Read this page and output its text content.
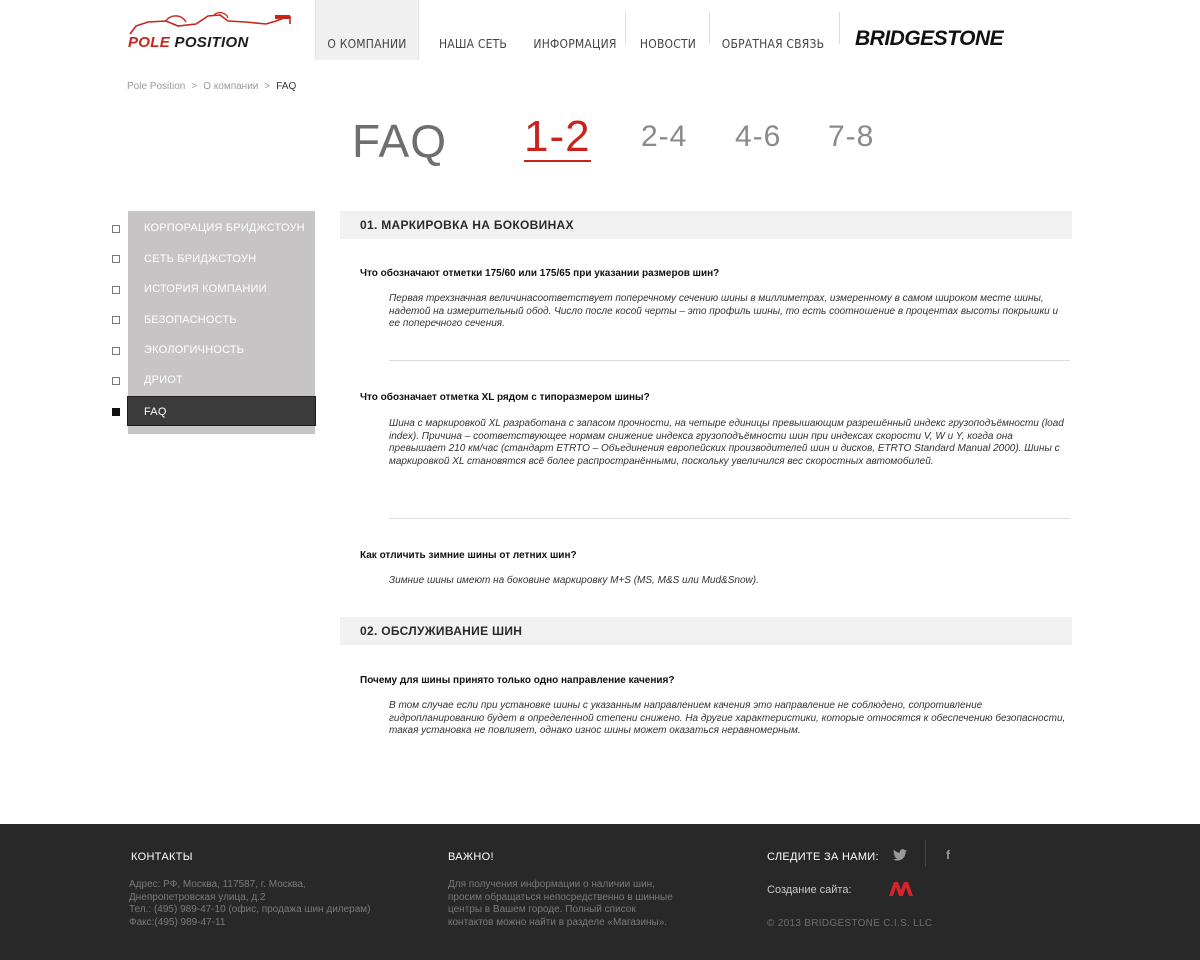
POLE POSITION	О КОМПАНИИ	НАША СЕТЬ	ИНФОРМАЦИЯ	НОВОСТИ	ОБРАТНАЯ СВЯЗЬ BRIDGESTONE
Pole Position > О компании > FAQ
FAQ 1-2 2-4 4-6 7-8
КОРПОРАЦИЯ БРИДЖСТОУН
СЕТЬ БРИДЖСТОУН
ИСТОРИЯ КОМПАНИИ
БЕЗОПАСНОСТЬ
ЭКОЛОГИЧНОСТЬ
ДРИОТ
FAQ
01. МАРКИРОВКА НА БОКОВИНАХ
Что обозначают отметки 175/60 или 175/65 при указании размеров шин?
Первая трехзначная величинасоответствует поперечному сечению шины в миллиметрах, измеренному в самом широком месте шины, надетой на измерительный обод. Число после косой черты – это профиль шины, то есть соотношение в процентах высоты покрышки и ее поперечного сечения.
Что обозначает отметка XL рядом с типоразмером шины?
Шина с маркировкой XL разработана с запасом прочности, на четыре единицы превышающим разрешённый индекс грузоподъёмности (load index). Причина – соответствующее нормам снижение индекса грузоподъёмности шин при индексах скорости V, W и Y, когда она превышает 210 км/час (стандарт ETRTO – Объединения европейских производителей шин и дисков, ETRTO Standard Manual 2000). Шины с маркировкой XL становятся всё более распространёнными, поскольку увеличился вес скоростных автомобилей.
Как отличить зимние шины от летних шин?
Зимние шины имеют на боковине маркировку M+S (MS, M&S или Mud&Snow).
02. ОБСЛУЖИВАНИЕ ШИН
Почему для шины принято только одно направление качения?
В том случае если при установке шины с указанным направлением качения это направление не соблюдено, сопротивление гидропланированию будет в определенной степени снижено. На другие характеристики, которые относятся к обеспечению безопасности, такая установка не повлияет, однако износ шины может оказаться неравномерным.
КОНТАКТЫ
Адрес: РФ, Москва, 117587, г. Москва,
Днепропетровская улица, д.2
Тел.: (495) 989-47-10 (офис, продажа шин дилерам)
Факс:(495) 989-47-11
ВАЖНО!
Для получения информации о наличии шин,
просим обращаться непосредственно в шинные
центры в Вашем городе. Полный список
контактов можно найти в разделе «Магазины».
СЛЕДИТЕ ЗА НАМИ:	f
Создание сайта:
© 2013 BRIDGESTONE C.I.S. LLC
